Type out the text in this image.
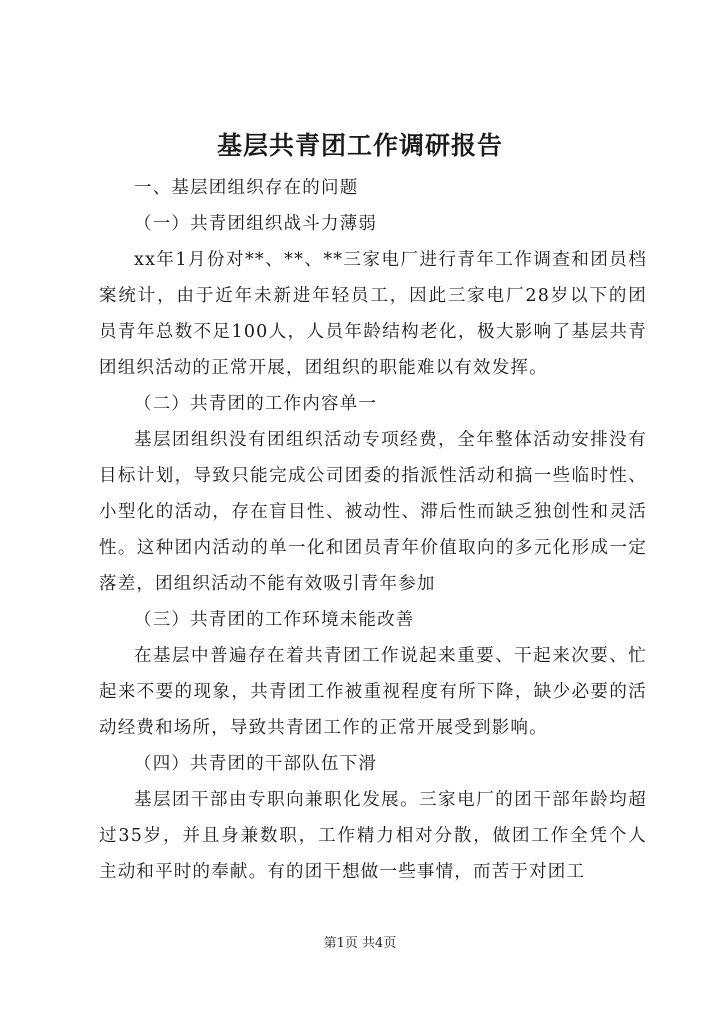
基层共青团工作调研报告

一、基层团组织存在的问题

（一）共青团组织战斗力薄弱

xx年1月份对**、**、**三家电厂进行青年工作调查和团员档案统计，由于近年未新进年轻员工，因此三家电厂28岁以下的团员青年总数不足100人，人员年龄结构老化，极大影响了基层共青团组织活动的正常开展，团组织的职能难以有效发挥。

（二）共青团的工作内容单一

基层团组织没有团组织活动专项经费，全年整体活动安排没有目标计划，导致只能完成公司团委的指派性活动和搞一些临时性、小型化的活动，存在盲目性、被动性、滞后性而缺乏独创性和灵活性。这种团内活动的单一化和团员青年价值取向的多元化形成一定落差，团组织活动不能有效吸引青年参加

（三）共青团的工作环境未能改善

在基层中普遍存在着共青团工作说起来重要、干起来次要、忙起来不要的现象，共青团工作被重视程度有所下降，缺少必要的活动经费和场所，导致共青团工作的正常开展受到影响。

（四）共青团的干部队伍下滑

基层团干部由专职向兼职化发展。三家电厂的团干部年龄均超过35岁，并且身兼数职，工作精力相对分散，做团工作全凭个人主动和平时的奉献。有的团干想做一些事情，而苦于对团工

第1页 共4页
